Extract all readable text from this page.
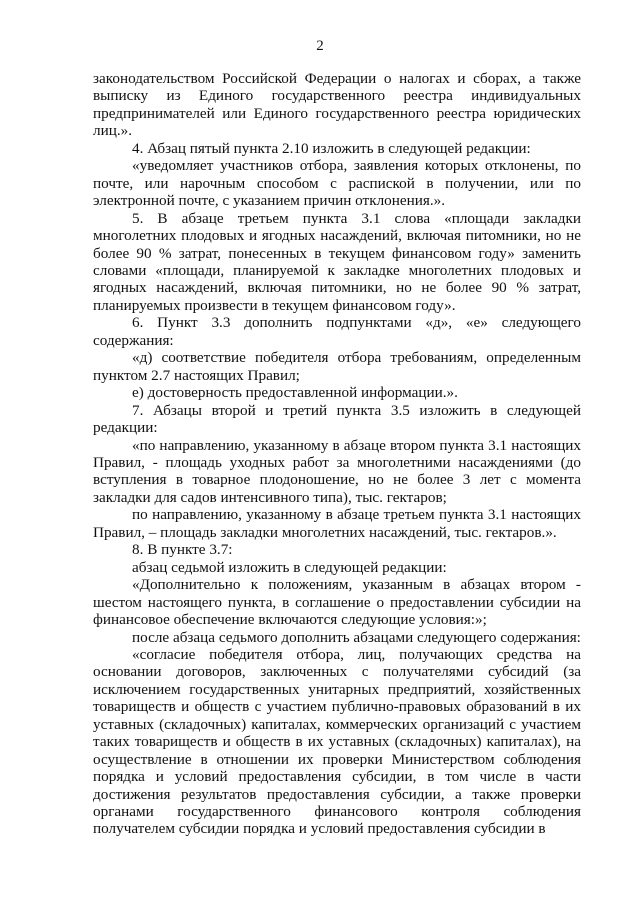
2

законодательством Российской Федерации о налогах и сборах, а также выписку из Единого государственного реестра индивидуальных предпринимателей или Единого государственного реестра юридических лиц.».

4. Абзац пятый пункта 2.10 изложить в следующей редакции:

«уведомляет участников отбора, заявления которых отклонены, по почте, или нарочным способом с распиской в получении, или по электронной почте, с указанием причин отклонения.».

5. В абзаце третьем пункта 3.1 слова «площади закладки многолетних плодовых и ягодных насаждений, включая питомники, но не более 90 % затрат, понесенных в текущем финансовом году» заменить словами «площади, планируемой к закладке многолетних плодовых и ягодных насаждений, включая питомники, но не более 90 % затрат, планируемых произвести в текущем финансовом году».

6. Пункт 3.3 дополнить подпунктами «д», «е» следующего содержания:

«д) соответствие победителя отбора требованиям, определенным пунктом 2.7 настоящих Правил;

е) достоверность предоставленной информации.».

7. Абзацы второй и третий пункта 3.5 изложить в следующей редакции:

«по направлению, указанному в абзаце втором пункта 3.1 настоящих Правил, - площадь уходных работ за многолетними насаждениями (до вступления в товарное плодоношение, но не более 3 лет с момента закладки для садов интенсивного типа), тыс. гектаров;

по направлению, указанному в абзаце третьем пункта 3.1 настоящих Правил, – площадь закладки многолетних насаждений, тыс. гектаров.».

8. В пункте 3.7:

абзац седьмой изложить в следующей редакции:

«Дополнительно к положениям, указанным в абзацах втором - шестом настоящего пункта, в соглашение о предоставлении субсидии на финансовое обеспечение включаются следующие условия:»;

после абзаца седьмого дополнить абзацами следующего содержания:

«согласие победителя отбора, лиц, получающих средства на основании договоров, заключенных с получателями субсидий (за исключением государственных унитарных предприятий, хозяйственных товариществ и обществ с участием публично-правовых образований в их уставных (складочных) капиталах, коммерческих организаций с участием таких товариществ и обществ в их уставных (складочных) капиталах), на осуществление в отношении их проверки Министерством соблюдения порядка и условий предоставления субсидии, в том числе в части достижения результатов предоставления субсидии, а также проверки органами государственного финансового контроля соблюдения получателем субсидии порядка и условий предоставления субсидии в
